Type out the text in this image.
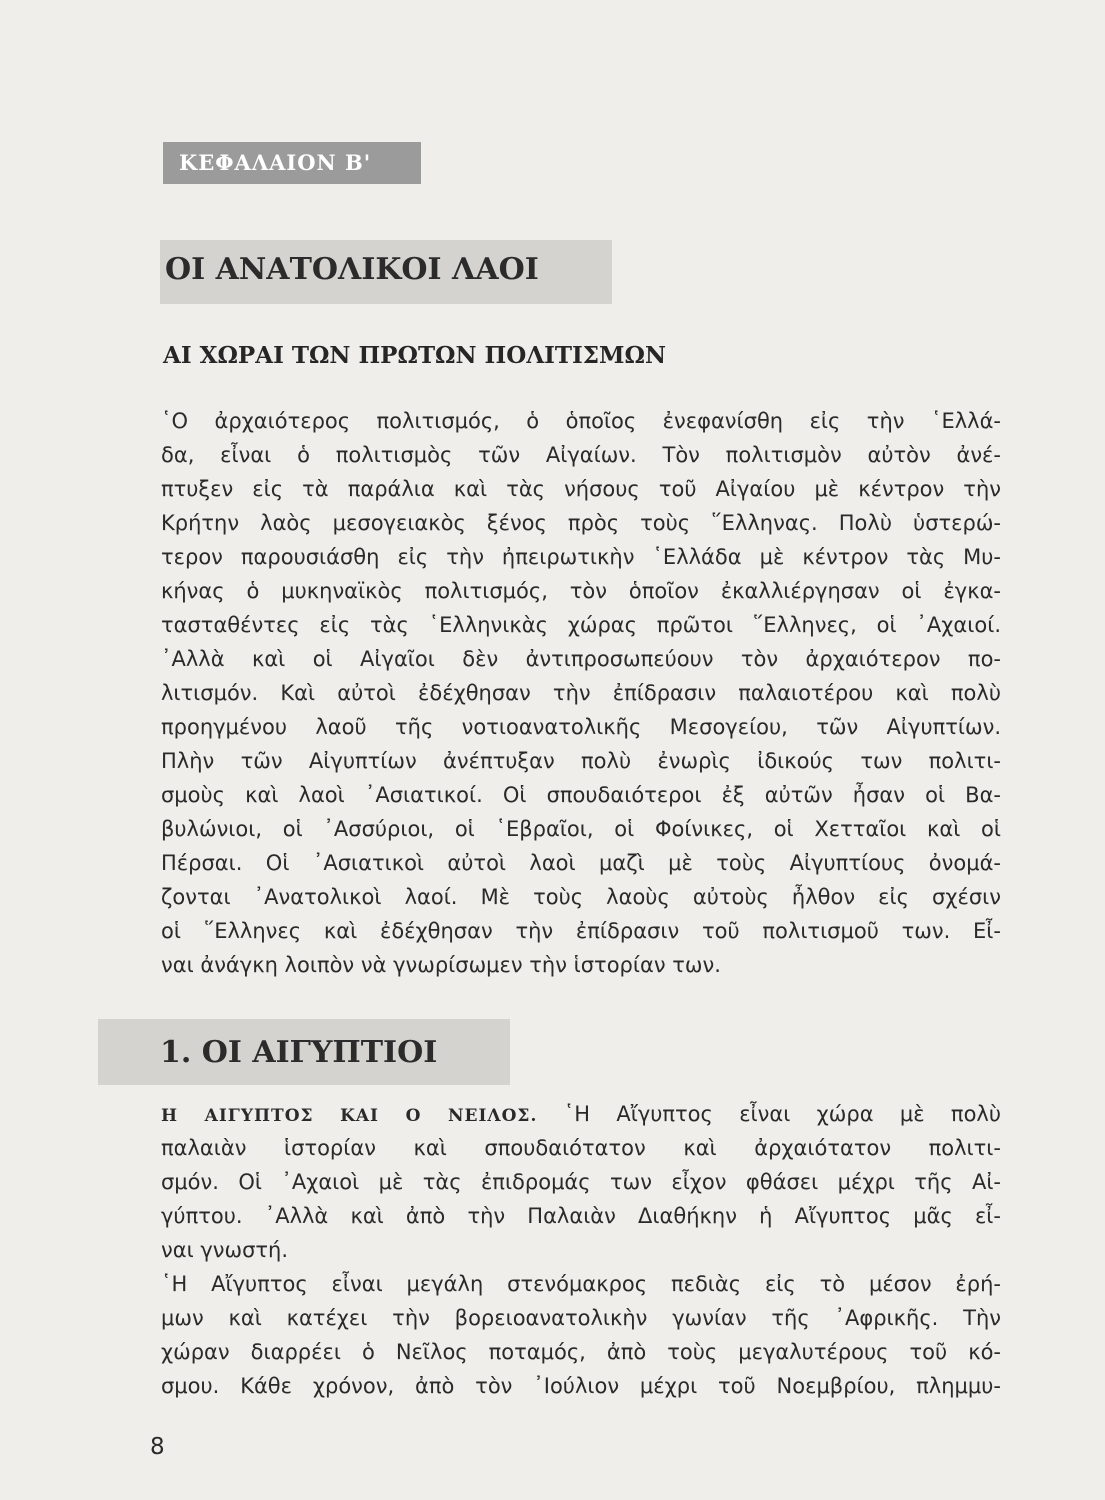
ΚΕΦΑΛΑΙΟΝ Β'
ΟΙ ΑΝΑΤΟΛΙΚΟΙ ΛΑΟΙ
ΑΙ ΧΩΡΑΙ ΤΩΝ ΠΡΩΤΩΝ ΠΟΛΙΤΙΣΜΩΝ
῾Ο ἀρχαιότερος πολιτισμός, ὁ ὁποῖος ἐνεφανίσθη εἰς τὴν ῾Ελλά-
δα, εἶναι ὁ πολιτισμὸς τῶν Αἰγαίων. Τὸν πολιτισμὸν αὐτὸν ἀνέ-
πτυξεν εἰς τὰ παράλια καὶ τὰς νήσους τοῦ Αἰγαίου μὲ κέντρον τὴν
Κρήτην λαὸς μεσογειακὸς ξένος πρὸς τοὺς ῞Ελληνας. Πολὺ ὑστερώ-
τερον παρουσιάσθη εἰς τὴν ἠπειρωτικὴν ῾Ελλάδα μὲ κέντρον τὰς Μυ-
κήνας ὁ μυκηναϊκὸς πολιτισμός, τὸν ὁποῖον ἐκαλλιέργησαν οἱ ἐγκα-
τασταθέντες εἰς τὰς ῾Ελληνικὰς χώρας πρῶτοι ῞Ελληνες, οἱ ᾿Αχαιοί.
᾿Αλλὰ καὶ οἱ Αἰγαῖοι δὲν ἀντιπροσωπεύουν τὸν ἀρχαιότερον πο-
λιτισμόν. Καὶ αὐτοὶ ἐδέχθησαν τὴν ἐπίδρασιν παλαιοτέρου καὶ πολὺ
προηγμένου λαοῦ τῆς νοτιοανατολικῆς Μεσογείου, τῶν Αἰγυπτίων.
Πλὴν τῶν Αἰγυπτίων ἀνέπτυξαν πολὺ ἐνωρὶς ἰδικούς των πολιτι-
σμοὺς καὶ λαοὶ ᾿Ασιατικοί. Οἱ σπουδαιότεροι ἐξ αὐτῶν ἦσαν οἱ Βα-
βυλώνιοι, οἱ ᾿Ασσύριοι, οἱ ῾Εβραῖοι, οἱ Φοίνικες, οἱ Χετταῖοι καὶ οἱ
Πέρσαι. Οἱ ᾿Ασιατικοὶ αὐτοὶ λαοὶ μαζὶ μὲ τοὺς Αἰγυπτίους ὀνομά-
ζονται ᾿Ανατολικοὶ λαοί. Μὲ τοὺς λαοὺς αὐτοὺς ἦλθον εἰς σχέσιν
οἱ ῞Ελληνες καὶ ἐδέχθησαν τὴν ἐπίδρασιν τοῦ πολιτισμοῦ των. Εἶ-
ναι ἀνάγκη λοιπὸν νὰ γνωρίσωμεν τὴν ἱστορίαν των.
1. ΟΙ ΑΙΓΥΠΤΙΟΙ
Η ΑΙΓΥΠΤΟΣ ΚΑΙ Ο ΝΕΙΛΟΣ. ῾Η Αἴγυπτος εἶναι χώρα μὲ πολὺ
παλαιὰν ἱστορίαν καὶ σπουδαιότατον καὶ ἀρχαιότατον πολιτι-
σμόν. Οἱ ᾿Αχαιοὶ μὲ τὰς ἐπιδρομάς των εἶχον φθάσει μέχρι τῆς Αἰ-
γύπτου. ᾿Αλλὰ καὶ ἀπὸ τὴν Παλαιὰν Διαθήκην ἡ Αἴγυπτος μᾶς εἶ-
ναι γνωστή.
῾Η Αἴγυπτος εἶναι μεγάλη στενόμακρος πεδιὰς εἰς τὸ μέσον ἐρή-
μων καὶ κατέχει τὴν βορειοανατολικὴν γωνίαν τῆς ᾿Αφρικῆς. Τὴν
χώραν διαρρέει ὁ Νεῖλος ποταμός, ἀπὸ τοὺς μεγαλυτέρους τοῦ κό-
σμου. Κάθε χρόνον, ἀπὸ τὸν ᾿Ιούλιον μέχρι τοῦ Νοεμβρίου, πλημμυ-
8
